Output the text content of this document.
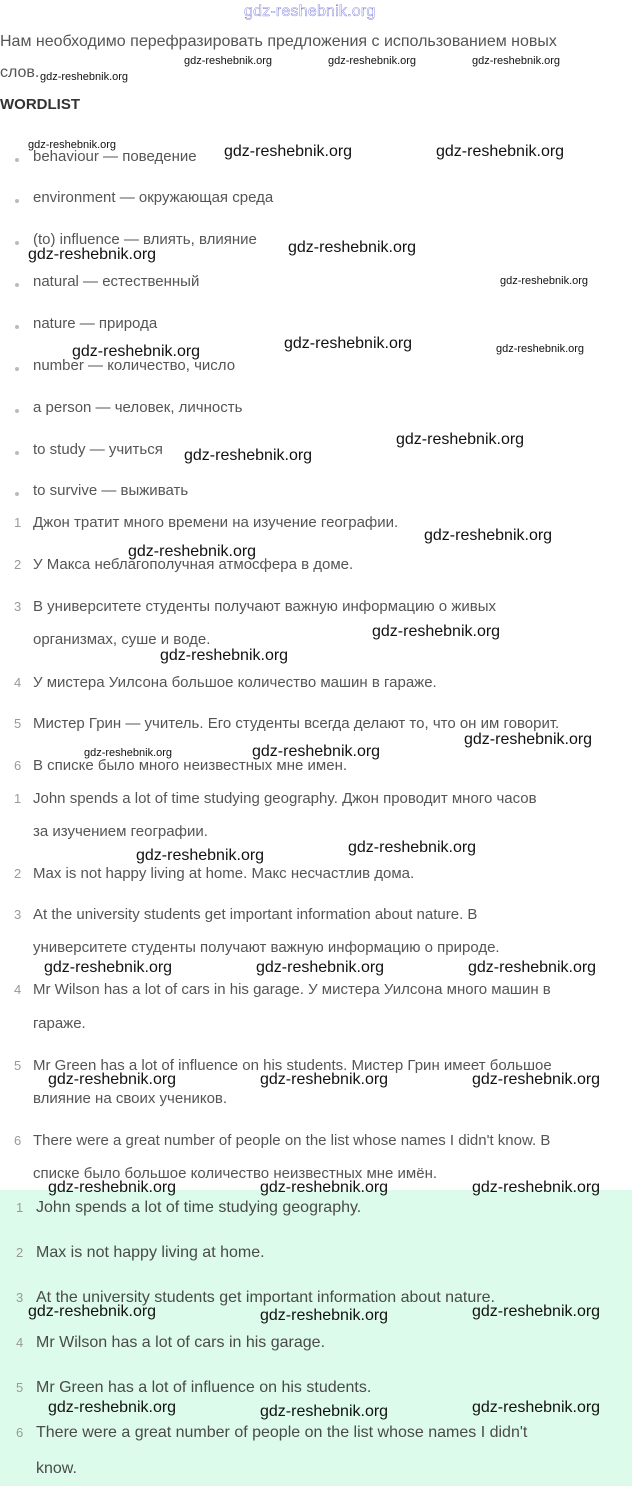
gdz-reshebnik.org
Нам необходимо перефразировать предложения с использованием новых
слов.
WORDLIST
behaviour — поведение
environment — окружающая среда
(to) influence — влиять, влияние
natural — естественный
nature — природа
number — количество, число
a person — человек, личность
to study — учиться
to survive — выживать
1 Джон тратит много времени на изучение географии.
2 У Макса неблагополучная атмосфера в доме.
3 В университете студенты получают важную информацию о живых
организмах, суше и воде.
4 У мистера Уилсона большое количество машин в гараже.
5 Мистер Грин — учитель. Его студенты всегда делают то, что он им говорит.
6 В списке было много неизвестных мне имен.
1 John spends a lot of time studying geography. Джон проводит много часов
за изучением географии.
2 Max is not happy living at home. Макс несчастлив дома.
3 At the university students get important information about nature. В
университете студенты получают важную информацию о природе.
4 Mr Wilson has a lot of cars in his garage. У мистера Уилсона много машин в
гараже.
5 Mr Green has a lot of influence on his students. Мистер Грин имеет большое
влияние на своих учеников.
6 There were a great number of people on the list whose names I didn't know. В
списке было большое количество неизвестных мне имён.
1 John spends a lot of time studying geography.
2 Max is not happy living at home.
3 At the university students get important information about nature.
4 Mr Wilson has a lot of cars in his garage.
5 Mr Green has a lot of influence on his students.
6 There were a great number of people on the list whose names I didn't
know.
gdz-reshebnik.org	gdz-reshebnik.org
gdz-reshebnik.org
gdz-reshebnik.org
gdz-reshebnik.org
gdz-reshebnik.org
gdz-reshebnik.org
gdz-reshebnik.org
gdz-reshebnik.org
gdz-reshebnik.org
gdz-reshebnik.org
gdz-reshebnik.org
gdz-reshebnik.org
gdz-reshebnik.org
gdz-reshebnik.org	gdz-reshebnik.org
gdz-reshebnik.org	gdz-reshebnik.org	gdz-reshebnik.org
gdz-reshebnik.org	gdz-reshebnik.org	gdz-reshebnik.org
gdz-reshebnik.org	gdz-reshebnik.org	gdz-reshebnik.org
gdz-reshebnik.org	gdz-reshebnik.org	gdz-reshebnik.org
gdz-reshebnik.org	gdz-reshebnik.org	gdz-reshebnik.org
gdz-reshebnik.org	gdz-reshebnik.org	gdz-reshebnik.org
gdz-reshebnik.org
gdz-reshebnik.org
gdz-reshebnik.org
gdz-reshebnik.org
gdz-reshebnik.org
